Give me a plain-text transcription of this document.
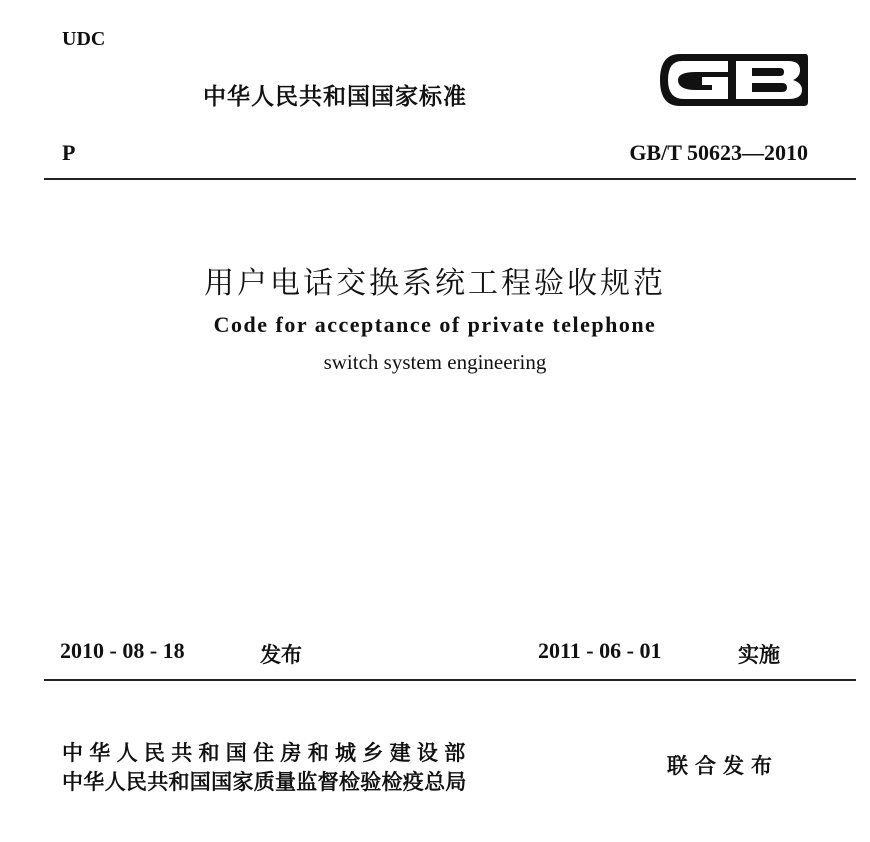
UDC
中华人民共和国国家标准
P	GB/T 50623—2010
用户电话交换系统工程验收规范
Code for acceptance of private telephone
switch system engineering
2010 - 08 - 18	发布	2011 - 06 - 01	实施
中华人民共和国住房和城乡建设部
中华人民共和国国家质量监督检验检疫总局
联合发布
